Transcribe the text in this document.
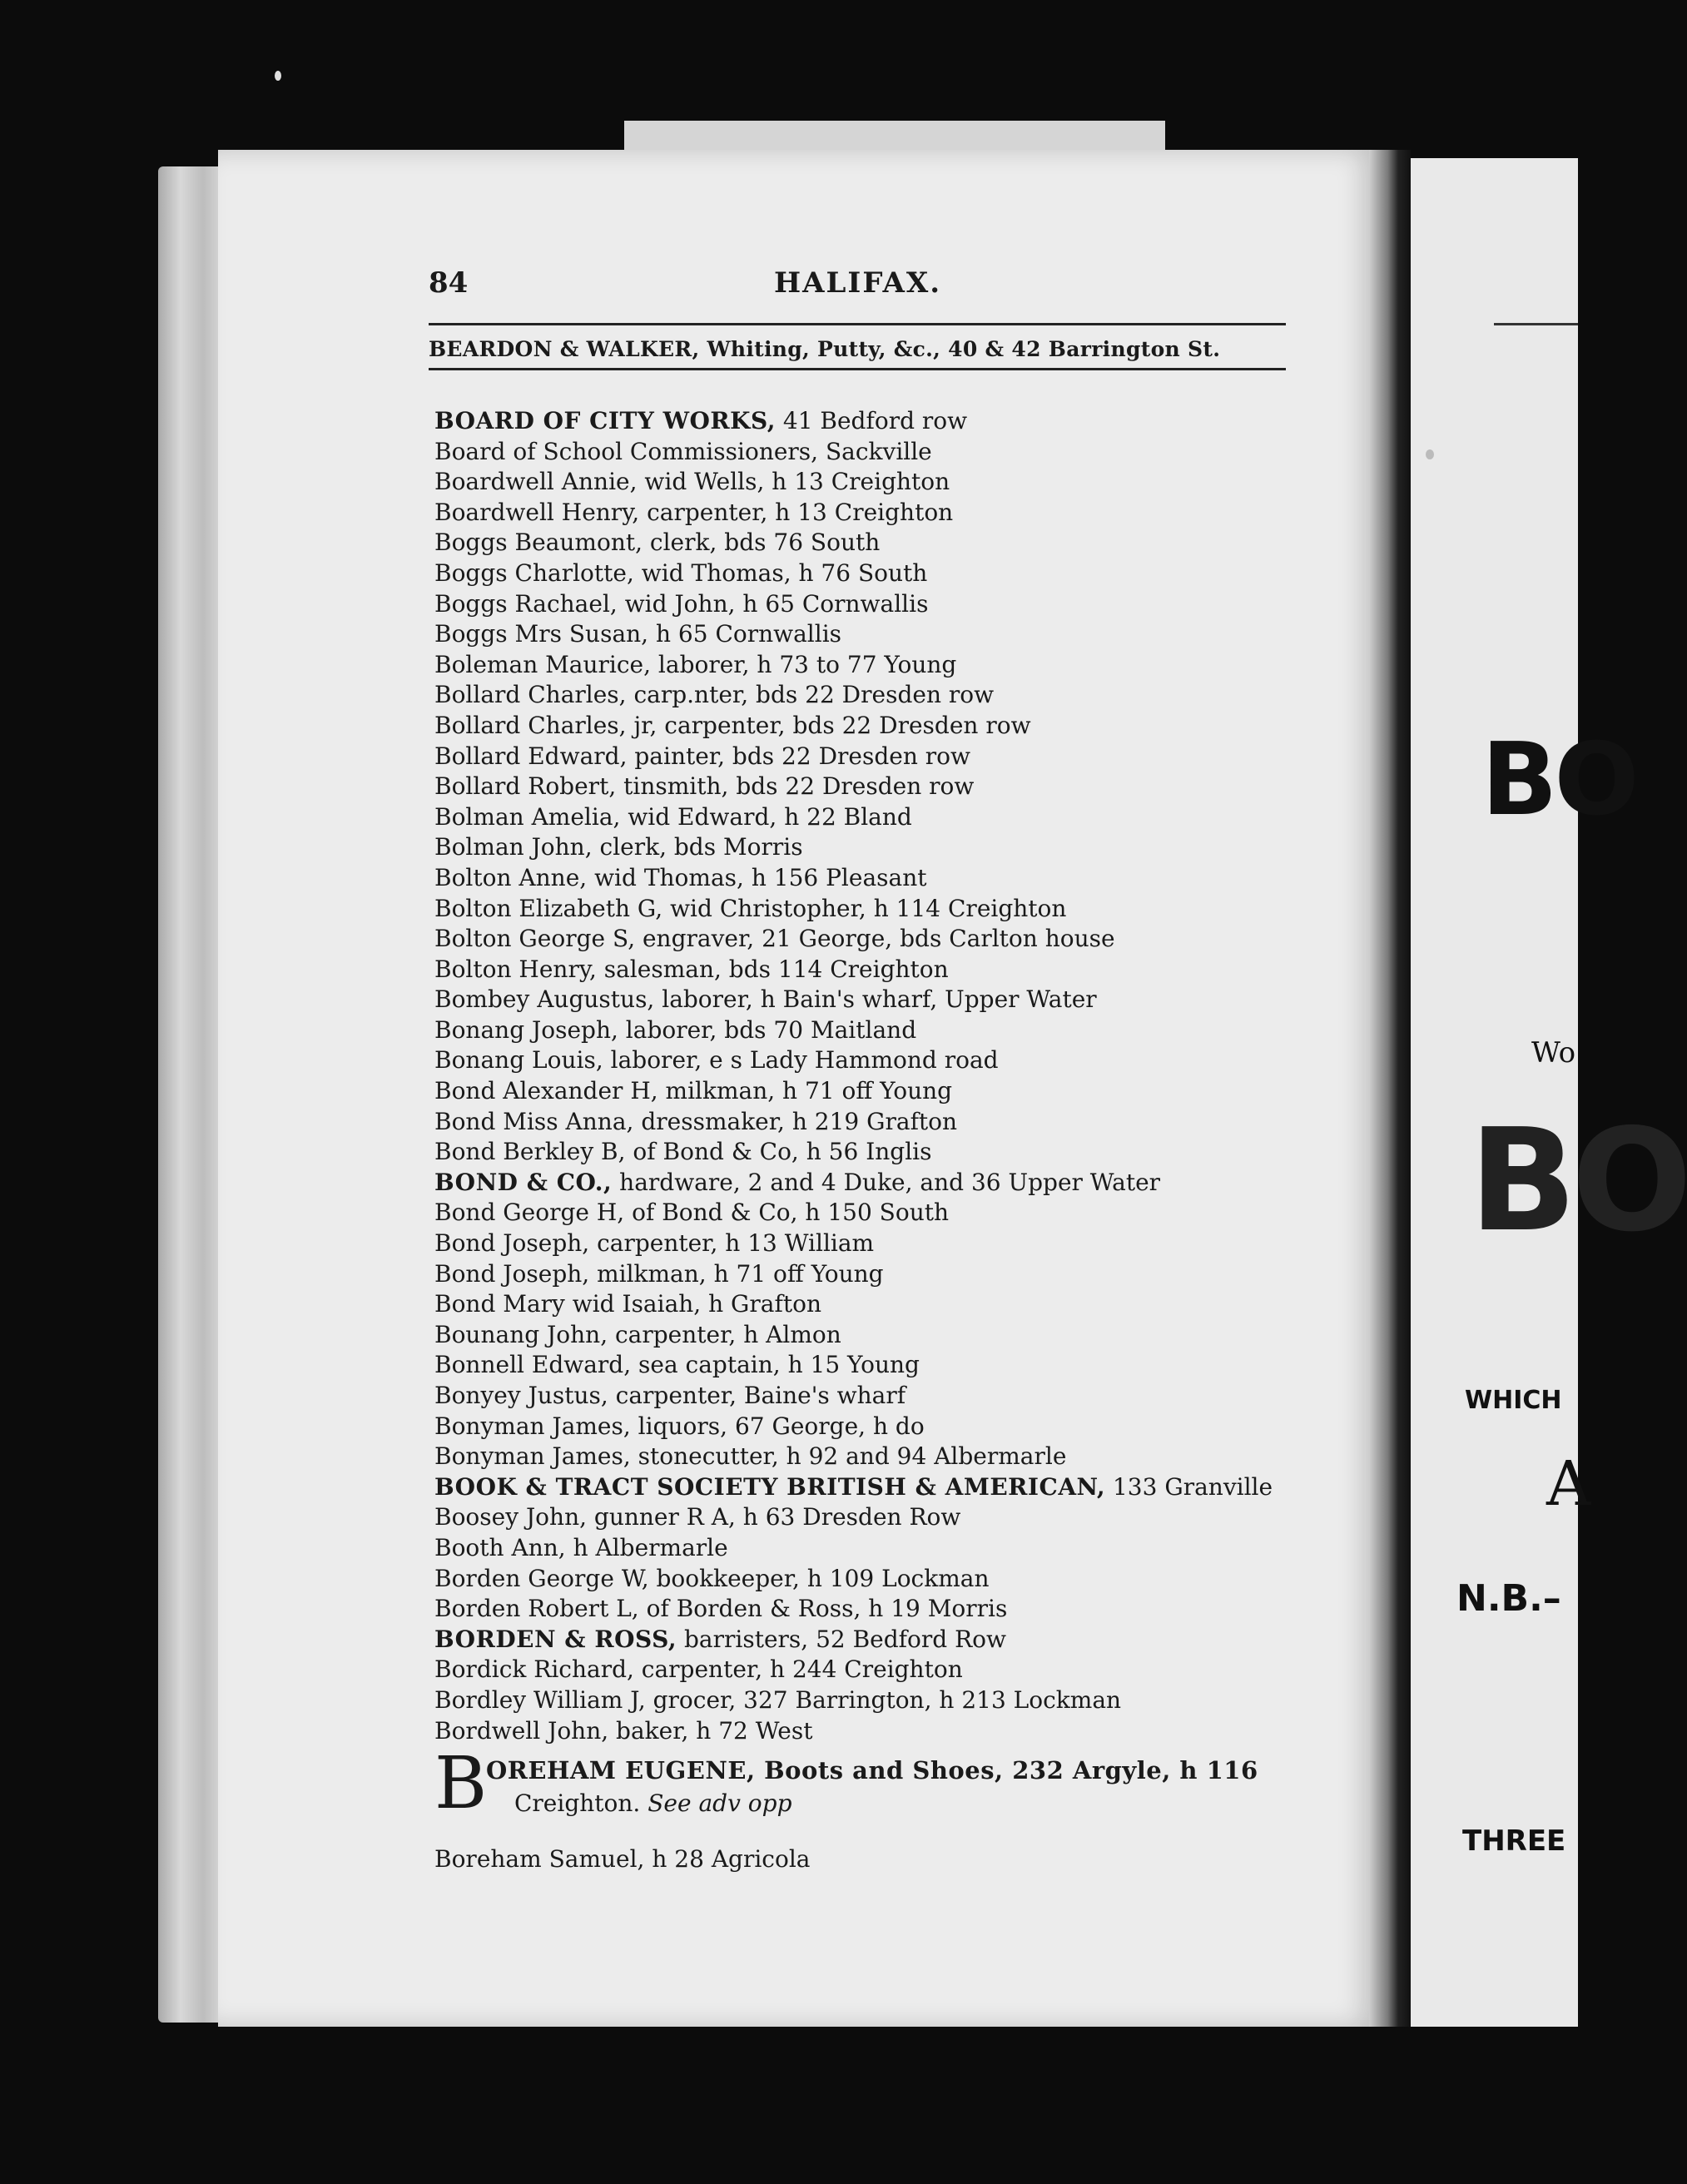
84	HALIFAX.
BEARDON & WALKER, Whiting, Putty, &c., 40 & 42 Barrington St.
BOARD OF CITY WORKS, 41 Bedford row
Board of School Commissioners, Sackville
Boardwell Annie, wid Wells, h 13 Creighton
Boardwell Henry, carpenter, h 13 Creighton
Boggs Beaumont, clerk, bds 76 South
Boggs Charlotte, wid Thomas, h 76 South
Boggs Rachael, wid John, h 65 Cornwallis
Boggs Mrs Susan, h 65 Cornwallis
Boleman Maurice, laborer, h 73 to 77 Young
Bollard Charles, carp.nter, bds 22 Dresden row
Bollard Charles, jr, carpenter, bds 22 Dresden row
Bollard Edward, painter, bds 22 Dresden row
Bollard Robert, tinsmith, bds 22 Dresden row
Bolman Amelia, wid Edward, h 22 Bland
Bolman John, clerk, bds Morris
Bolton Anne, wid Thomas, h 156 Pleasant
Bolton Elizabeth G, wid Christopher, h 114 Creighton
Bolton George S, engraver, 21 George, bds Carlton house
Bolton Henry, salesman, bds 114 Creighton
Bombey Augustus, laborer, h Bain's wharf, Upper Water
Bonang Joseph, laborer, bds 70 Maitland
Bonang Louis, laborer, e s Lady Hammond road
Bond Alexander H, milkman, h 71 off Young
Bond Miss Anna, dressmaker, h 219 Grafton
Bond Berkley B, of Bond & Co, h 56 Inglis
BOND & CO., hardware, 2 and 4 Duke, and 36 Upper Water
Bond George H, of Bond & Co, h 150 South
Bond Joseph, carpenter, h 13 William
Bond Joseph, milkman, h 71 off Young
Bond Mary wid Isaiah, h Grafton
Bounang John, carpenter, h Almon
Bonnell Edward, sea captain, h 15 Young
Bonyey Justus, carpenter, Baine's wharf
Bonyman James, liquors, 67 George, h do
Bonyman James, stonecutter, h 92 and 94 Albermarle
BOOK & TRACT SOCIETY BRITISH & AMERICAN, 133 Granville
Boosey John, gunner R A, h 63 Dresden Row
Booth Ann, h Albermarle
Borden George W, bookkeeper, h 109 Lockman
Borden Robert L, of Borden & Ross, h 19 Morris
BORDEN & ROSS, barristers, 52 Bedford Row
Bordick Richard, carpenter, h 244 Creighton
Bordley William J, grocer, 327 Barrington, h 213 Lockman
Bordwell John, baker, h 72 West
B
OREHAM EUGENE, Boots and Shoes, 232 Argyle, h 116
Creighton. See adv opp
Boreham Samuel, h 28 Agricola
BO
Wo
BO
WHICH
A
N.B.–
THREE
